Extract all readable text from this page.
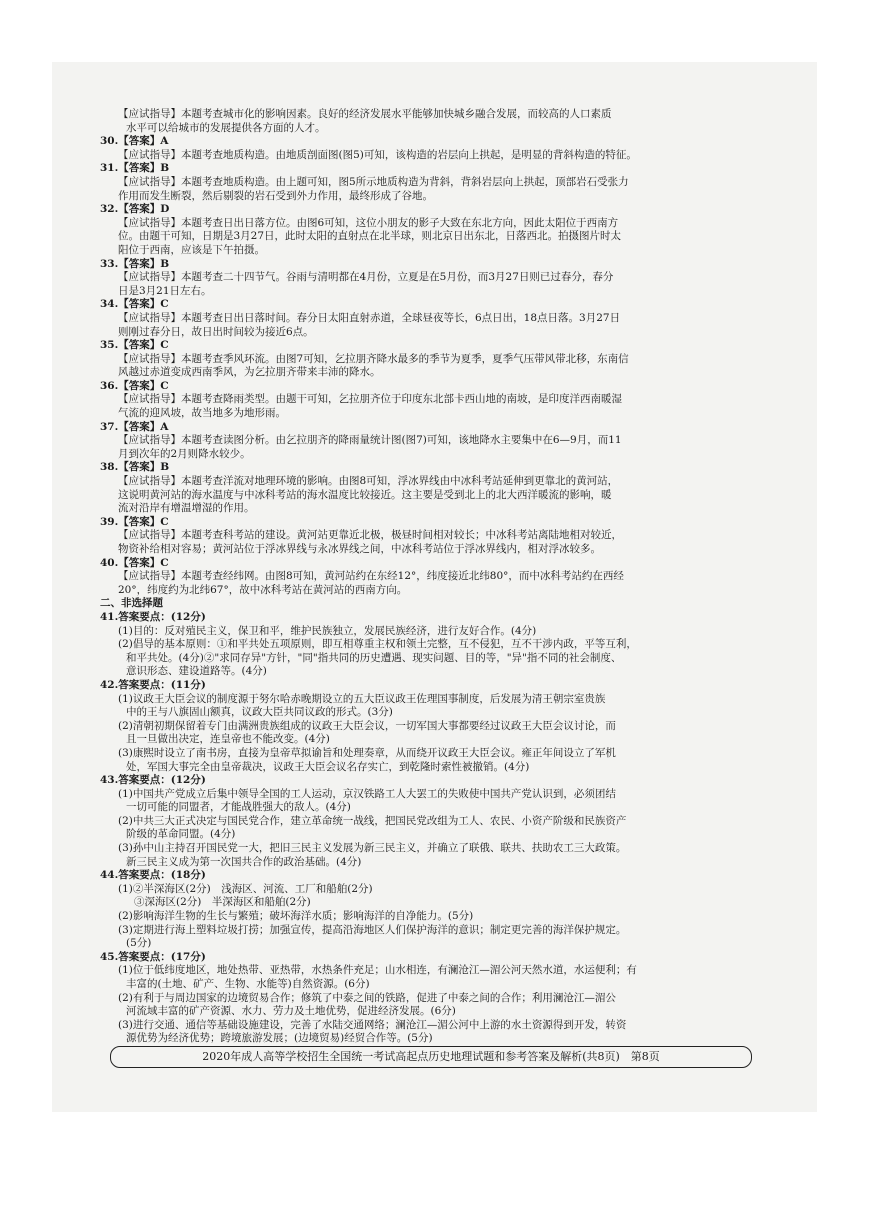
【应试指导】本题考查城市化的影响因素。良好的经济发展水平能够加快城乡融合发展，而较高的人口素质

水平可以给城市的发展提供各方面的人才。

30.【答案】A

【应试指导】本题考查地质构造。由地质剖面图(图5)可知，该构造的岩层向上拱起，是明显的背斜构造的特征。

31.【答案】B

【应试指导】本题考查地质构造。由上题可知，图5所示地质构造为背斜，背斜岩层向上拱起，顶部岩石受张力

作用而发生断裂，然后剔裂的岩石受到外力作用，最终形成了谷地。

32.【答案】D

【应试指导】本题考查日出日落方位。由图6可知，这位小朋友的影子大致在东北方向，因此太阳位于西南方

位。由题干可知，日期是3月27日，此时太阳的直射点在北半球，则北京日出东北，日落西北。拍摄图片时太

阳位于西南，应该是下午拍摄。

33.【答案】B

【应试指导】本题考查二十四节气。谷雨与清明都在4月份，立夏是在5月份，而3月27日则已过春分，春分

日是3月21日左右。

34.【答案】C

【应试指导】本题考查日出日落时间。春分日太阳直射赤道，全球昼夜等长，6点日出，18点日落。3月27日

则刚过春分日，故日出时间较为接近6点。

35.【答案】C

【应试指导】本题考查季风环流。由图7可知，乞拉朋齐降水最多的季节为夏季，夏季气压带风带北移，东南信

风越过赤道变成西南季风，为乞拉朋齐带来丰沛的降水。

36.【答案】C

【应试指导】本题考查降雨类型。由题干可知，乞拉朋齐位于印度东北部卡西山地的南坡，是印度洋西南暖湿

气流的迎风坡，故当地多为地形雨。

37.【答案】A

【应试指导】本题考查读图分析。由乞拉朋齐的降雨量统计图(图7)可知，该地降水主要集中在6—9月，而11

月到次年的2月则降水较少。

38.【答案】B

【应试指导】本题考查洋流对地理环境的影响。由图8可知，浮冰界线由中冰科考站延伸到更靠北的黄河站，

这说明黄河站的海水温度与中冰科考站的海水温度比较接近。这主要是受到北上的北大西洋暖流的影响，暖

流对沿岸有增温增湿的作用。

39.【答案】C

【应试指导】本题考查科考站的建设。黄河站更靠近北极，极昼时间相对较长；中冰科考站离陆地相对较近，

物资补给相对容易；黄河站位于浮冰界线与永冰界线之间，中冰科考站位于浮冰界线内，相对浮冰较多。

40.【答案】C

【应试指导】本题考查经纬网。由图8可知，黄河站约在东经12°，纬度接近北纬80°，而中冰科考站约在西经

20°，纬度约为北纬67°，故中冰科考站在黄河站的西南方向。

二、非选择题

41.答案要点：(12分)

(1)目的：反对殖民主义，保卫和平，维护民族独立，发展民族经济，进行友好合作。(4分)

(2)倡导的基本原则：①和平共处五项原则，即互相尊重主权和领土完整，互不侵犯，互不干涉内政，平等互利，

和平共处。(4分)②"求同存异"方针，"同"指共同的历史遭遇、现实问题、目的等，"异"指不同的社会制度、

意识形态、建设道路等。(4分)

42.答案要点：(11分)

(1)议政王大臣会议的制度源于努尔哈赤晚期设立的五大臣议政王佐理国事制度，后发展为清王朝宗室贵族

中的王与八旗固山额真，议政大臣共同议政的形式。(3分)

(2)清朝初期保留着专门由满洲贵族组成的议政王大臣会议，一切军国大事都要经过议政王大臣会议讨论，而

且一旦做出决定，连皇帝也不能改变。(4分)

(3)康熙时设立了南书房，直接为皇帝草拟谕旨和处理奏章，从而绕开议政王大臣会议。雍正年间设立了军机

处，军国大事完全由皇帝裁决，议政王大臣会议名存实亡，到乾隆时索性被撤销。(4分)

43.答案要点：(12分)

(1)中国共产党成立后集中领导全国的工人运动，京汉铁路工人大罢工的失败使中国共产党认识到，必须团结

一切可能的同盟者，才能战胜强大的敌人。(4分)

(2)中共三大正式决定与国民党合作，建立革命统一战线，把国民党改组为工人、农民、小资产阶级和民族资产

阶级的革命同盟。(4分)

(3)孙中山主持召开国民党一大，把旧三民主义发展为新三民主义，并确立了联俄、联共、扶助农工三大政策。

新三民主义成为第一次国共合作的政治基础。(4分)

44.答案要点：(18分)

(1)②半深海区(2分)　浅海区、河流、工厂和船舶(2分)

③深海区(2分)　半深海区和船舶(2分)

(2)影响海洋生物的生长与繁殖；破坏海洋水质；影响海洋的自净能力。(5分)

(3)定期进行海上塑料垃圾打捞；加强宣传，提高沿海地区人们保护海洋的意识；制定更完善的海洋保护规定。

(5分)

45.答案要点：(17分)

(1)位于低纬度地区，地处热带、亚热带，水热条件充足；山水相连，有澜沧江—湄公河天然水道，水运便利；有

丰富的(土地、矿产、生物、水能等)自然资源。(6分)

(2)有利于与周边国家的边境贸易合作；修筑了中泰之间的铁路，促进了中泰之间的合作；利用澜沧江—湄公

河流域丰富的矿产资源、水力、劳力及土地优势，促进经济发展。(6分)

(3)进行交通、通信等基础设施建设，完善了水陆交通网络；澜沧江—湄公河中上游的水土资源得到开发，转资

源优势为经济优势；跨境旅游发展；(边境贸易)经贸合作等。(5分)

2020年成人高等学校招生全国统一考试高起点历史地理试题和参考答案及解析(共8页)　第8页
